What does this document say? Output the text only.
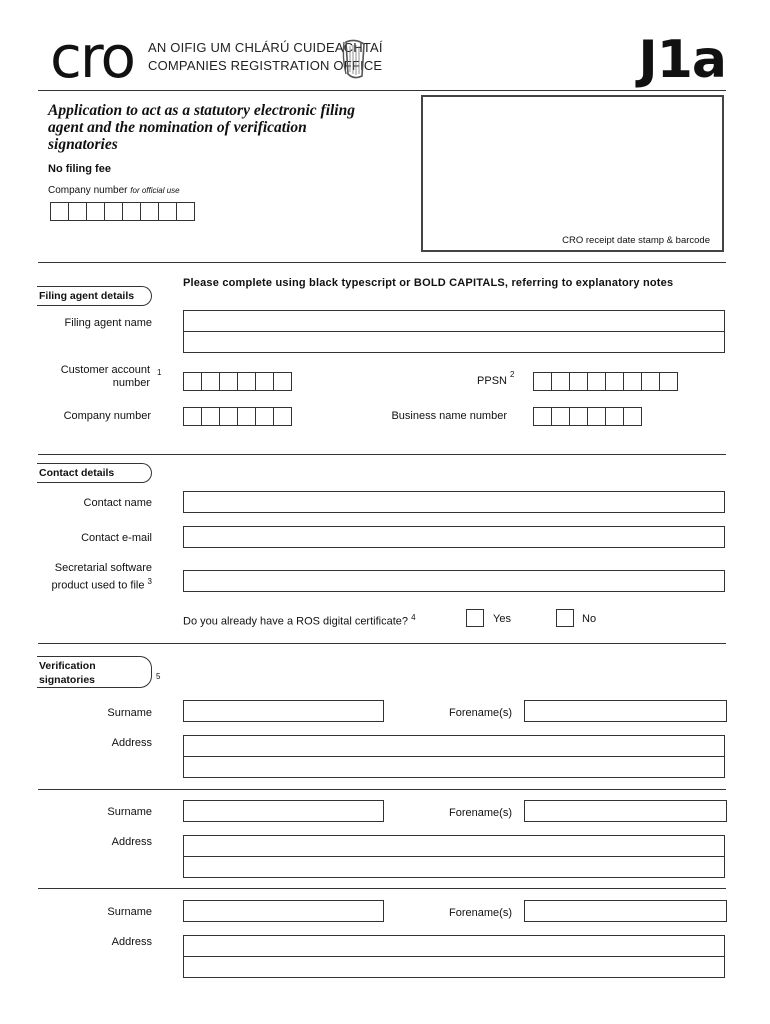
cro AN OIFIG UM CHLÁRÚ CUIDEACHTAÍ
COMPANIES REGISTRATION OFFICE	J1a
Application to act as a statutory electronic filing agent and the nomination of verification signatories
No filing fee
Company number for official use
CRO receipt date stamp & barcode
Please complete using black typescript or BOLD CAPITALS, referring to explanatory notes
Filing agent details
Filing agent name
Customer account number
1
PPSN
2
Company number	Business name number
Contact details
Contact name
Contact e-mail
Secretarial software product used to file $^3$
Do you already have a ROS digital certificate? $^4$	Yes	No
Verification signatories	5
Surname	Forename(s)
Address
Surname	Forename(s)
Address
Surname	Forename(s)
Address
